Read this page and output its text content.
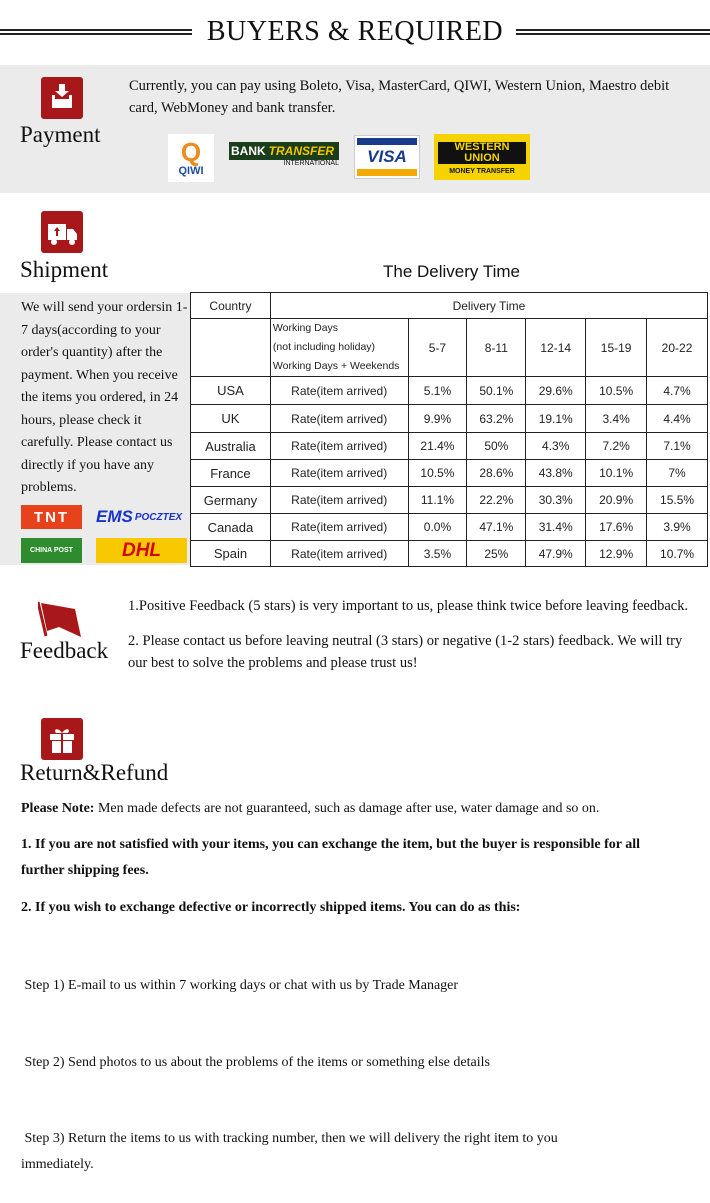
BUYERS & REQUIRED
Payment
Currently, you can pay using Boleto, Visa, MasterCard, QIWI, Western Union, Maestro debit card, WebMoney and bank transfer.
Q
QIWI
BANK TRANSFER
INTERNATIONAL VISA	WESTERN
UNION
MONEY TRANSFER
Shipment	The Delivery Time
We will send your ordersin 1-7 days(according to your order's quantity) after the payment. When you receive the items you ordered, in 24 hours, please check it carefully. Please contact us directly if you have any problems.
TNT	EMS POCZTEX
CHINA POST	DHL
Country	Delivery Time					

	Working Days
(not including holiday)
Working Days + Weekends	5-7	8-11	12-14	15-19	20-22
USA	Rate(item arrived)	5.1%	50.1%	29.6%	10.5%	4.7%
UK	Rate(item arrived)	9.9%	63.2%	19.1%	3.4%	4.4%
Australia	Rate(item arrived)	21.4%	50%	4.3%	7.2%	7.1%
France	Rate(item arrived)	10.5%	28.6%	43.8%	10.1%	7%
Germany	Rate(item arrived)	11.1%	22.2%	30.3%	20.9%	15.5%
Canada	Rate(item arrived)	0.0%	47.1%	31.4%	17.6%	3.9%
Spain	Rate(item arrived)	3.5%	25%	47.9%	12.9%	10.7%
Feedback
1.Positive Feedback (5 stars) is very important to us, please think twice before leaving feedback.
2. Please contact us before leaving neutral (3 stars) or negative (1-2 stars) feedback. We will try our best to solve the problems and please trust us!
Return&Refund
Please Note: Men made defects are not guaranteed, such as damage after use, water damage and so on.
1. If you are not satisfied with your items, you can exchange the item, but the buyer is responsible for all further shipping fees.
2. If you wish to exchange defective or incorrectly shipped items. You can do as this:

Step 1) E-mail to us within 7 working days or chat with us by Trade Manager

Step 2) Send photos to us about the problems of the items or something else details

Step 3) Return the items to us with tracking number, then we will delivery the right item to you immediately.
